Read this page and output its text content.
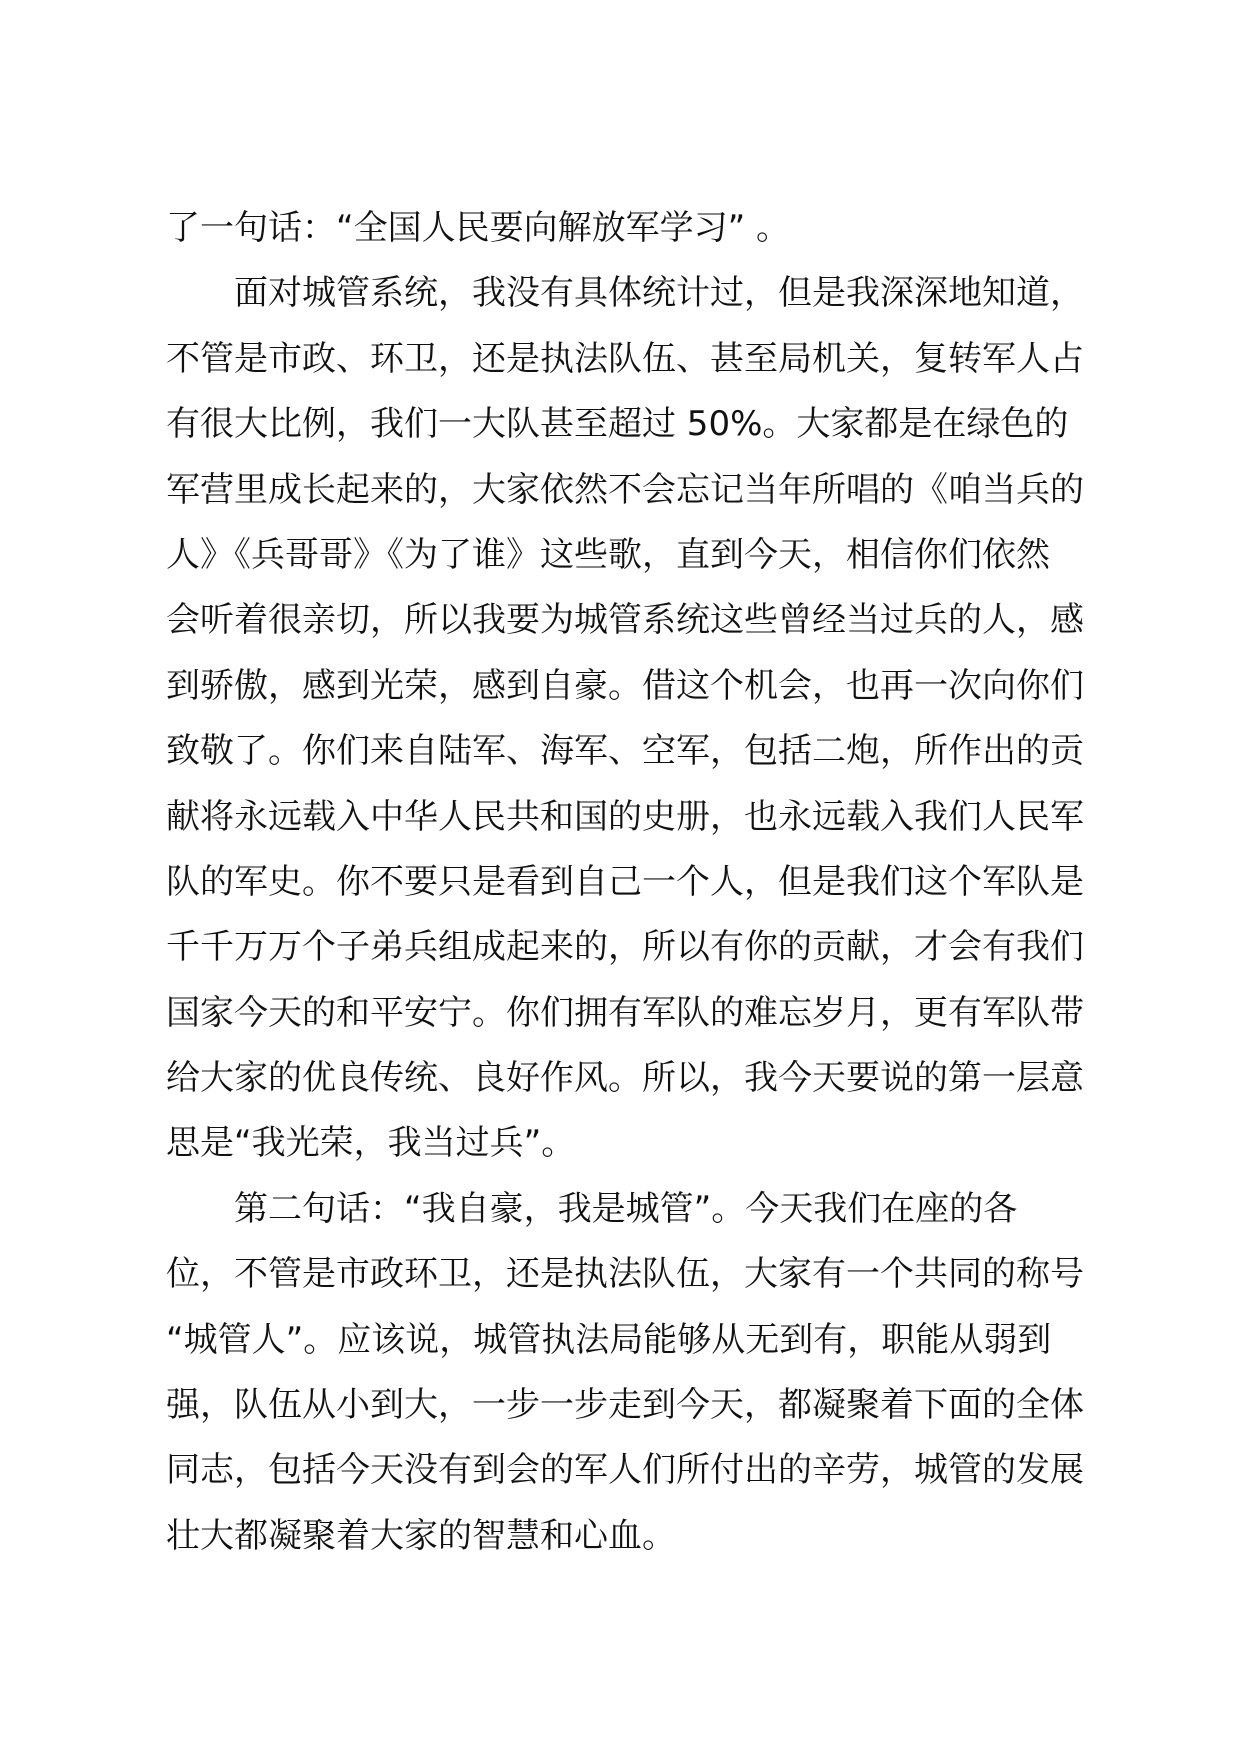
了一句话：“全国人民要向解放军学习” 。
面对城管系统，我没有具体统计过，但是我深深地知道，
不管是市政、环卫，还是执法队伍、甚至局机关，复转军人占
有很大比例，我们一大队甚至超过 50%。大家都是在绿色的
军营里成长起来的，大家依然不会忘记当年所唱的《咱当兵的
人》《兵哥哥》《为了谁》这些歌，直到今天，相信你们依然
会听着很亲切，所以我要为城管系统这些曾经当过兵的人，感
到骄傲，感到光荣，感到自豪。借这个机会，也再一次向你们
致敬了。你们来自陆军、海军、空军，包括二炮，所作出的贡
献将永远载入中华人民共和国的史册，也永远载入我们人民军
队的军史。你不要只是看到自己一个人，但是我们这个军队是
千千万万个子弟兵组成起来的，所以有你的贡献，才会有我们
国家今天的和平安宁。你们拥有军队的难忘岁月，更有军队带
给大家的优良传统、良好作风。所以，我今天要说的第一层意
思是“我光荣，我当过兵”。
第二句话：“我自豪，我是城管”。今天我们在座的各
位，不管是市政环卫，还是执法队伍，大家有一个共同的称号
“城管人”。应该说，城管执法局能够从无到有，职能从弱到
强，队伍从小到大，一步一步走到今天，都凝聚着下面的全体
同志，包括今天没有到会的军人们所付出的辛劳，城管的发展
壮大都凝聚着大家的智慧和心血。
